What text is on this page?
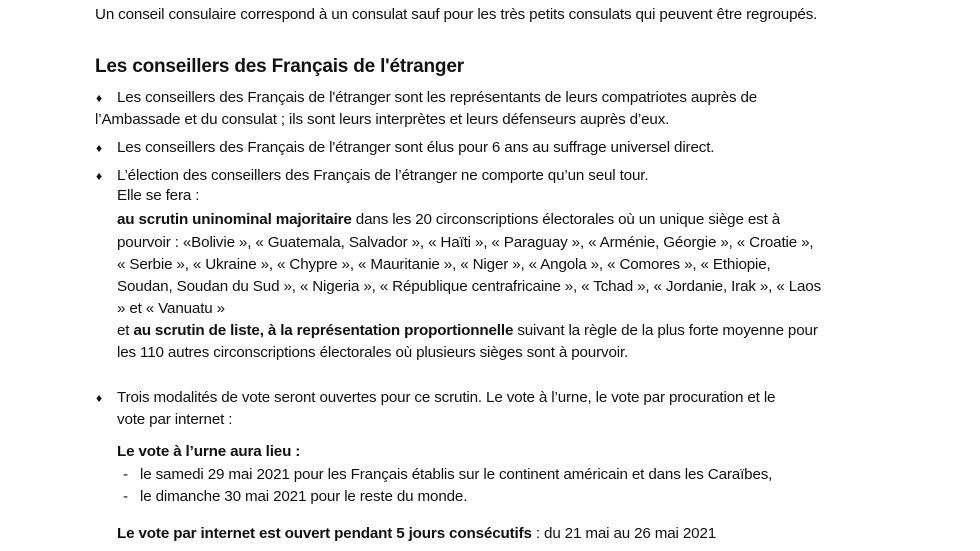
Un conseil consulaire correspond à un consulat sauf pour les très petits consulats qui peuvent être regroupés.
Les conseillers des Français de l'étranger
♦ Les conseillers des Français de l'étranger sont les représentants de leurs compatriotes auprès de
l’Ambassade et du consulat ; ils sont leurs interprètes et leurs défenseurs auprès d’eux.
♦ Les conseillers des Français de l'étranger sont élus pour 6 ans au suffrage universel direct.
♦ L’élection des conseillers des Français de l’étranger ne comporte qu’un seul tour.
Elle se fera :
au scrutin uninominal majoritaire dans les 20 circonscriptions électorales où un unique siège est à
pourvoir : «Bolivie », « Guatemala, Salvador », « Haïti », « Paraguay », « Arménie, Géorgie », « Croatie »,
« Serbie », « Ukraine », « Chypre », « Mauritanie », « Niger », « Angola », « Comores », « Ethiopie,
Soudan, Soudan du Sud », « Nigeria », « République centrafricaine », « Tchad », « Jordanie, Irak », « Laos
» et « Vanuatu »
et au scrutin de liste, à la représentation proportionnelle suivant la règle de la plus forte moyenne pour
les 110 autres circonscriptions électorales où plusieurs sièges sont à pourvoir.
♦ Trois modalités de vote seront ouvertes pour ce scrutin. Le vote à l’urne, le vote par procuration et le
vote par internet :
Le vote à l’urne aura lieu :
- le samedi 29 mai 2021 pour les Français établis sur le continent américain et dans les Caraïbes,
- le dimanche 30 mai 2021 pour le reste du monde.
Le vote par internet est ouvert pendant 5 jours consécutifs : du 21 mai au 26 mai 2021
